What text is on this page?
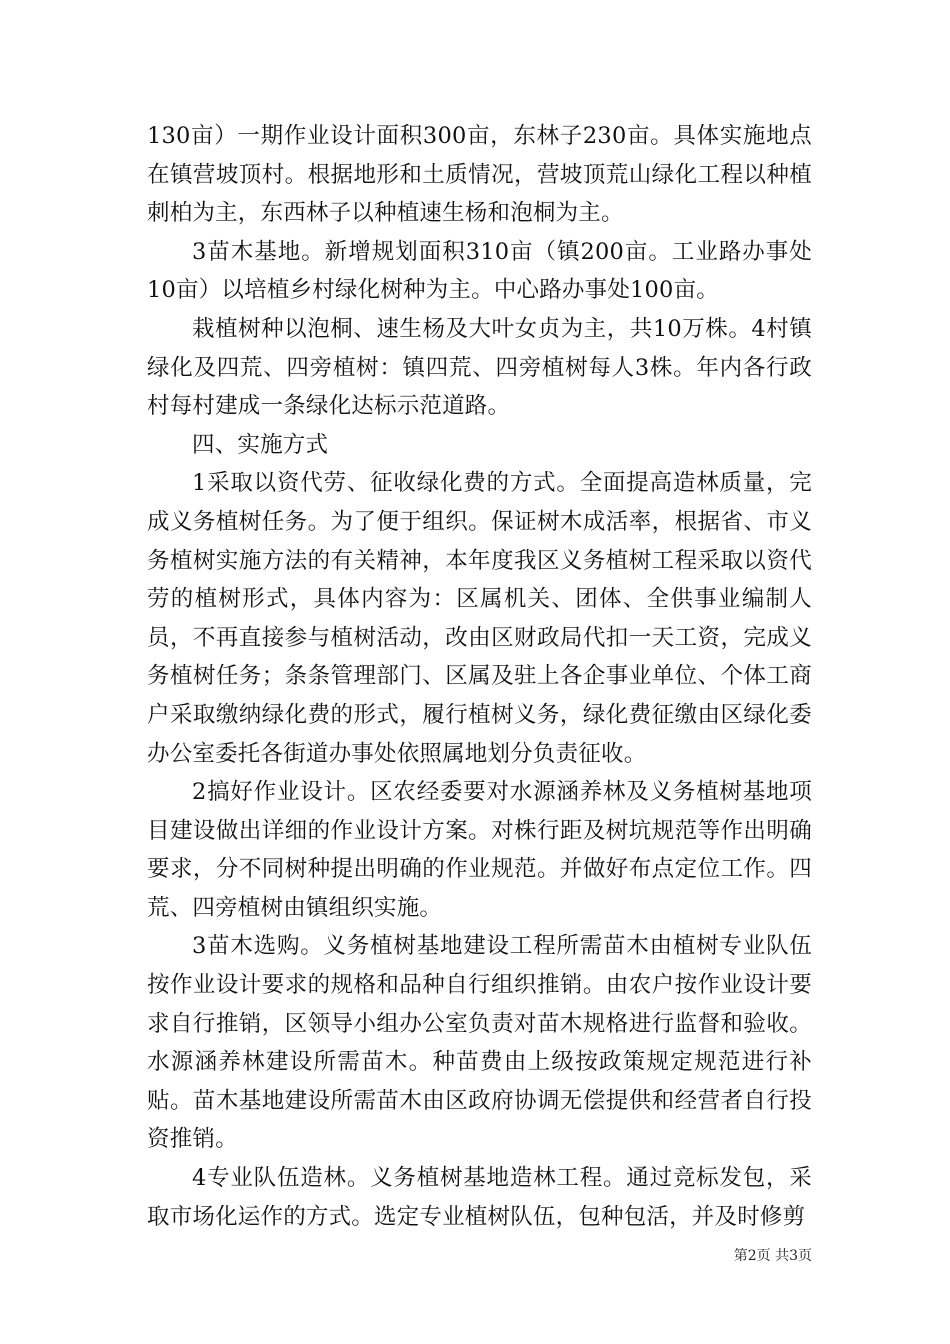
130亩）一期作业设计面积300亩，东林子230亩。具体实施地点在镇营坡顶村。根据地形和土质情况，营坡顶荒山绿化工程以种植刺柏为主，东西林子以种植速生杨和泡桐为主。

3苗木基地。新增规划面积310亩（镇200亩。工业路办事处10亩）以培植乡村绿化树种为主。中心路办事处100亩。

栽植树种以泡桐、速生杨及大叶女贞为主，共10万株。4村镇绿化及四荒、四旁植树：镇四荒、四旁植树每人3株。年内各行政村每村建成一条绿化达标示范道路。

四、实施方式

1采取以资代劳、征收绿化费的方式。全面提高造林质量，完成义务植树任务。为了便于组织。保证树木成活率，根据省、市义务植树实施方法的有关精神，本年度我区义务植树工程采取以资代劳的植树形式，具体内容为：区属机关、团体、全供事业编制人员，不再直接参与植树活动，改由区财政局代扣一天工资，完成义务植树任务；条条管理部门、区属及驻上各企事业单位、个体工商户采取缴纳绿化费的形式，履行植树义务，绿化费征缴由区绿化委办公室委托各街道办事处依照属地划分负责征收。

2搞好作业设计。区农经委要对水源涵养林及义务植树基地项目建设做出详细的作业设计方案。对株行距及树坑规范等作出明确要求，分不同树种提出明确的作业规范。并做好布点定位工作。四荒、四旁植树由镇组织实施。

3苗木选购。义务植树基地建设工程所需苗木由植树专业队伍按作业设计要求的规格和品种自行组织推销。由农户按作业设计要求自行推销，区领导小组办公室负责对苗木规格进行监督和验收。水源涵养林建设所需苗木。种苗费由上级按政策规定规范进行补贴。苗木基地建设所需苗木由区政府协调无偿提供和经营者自行投资推销。

4专业队伍造林。义务植树基地造林工程。通过竞标发包，采取市场化运作的方式。选定专业植树队伍，包种包活，并及时修剪

第2页 共3页
